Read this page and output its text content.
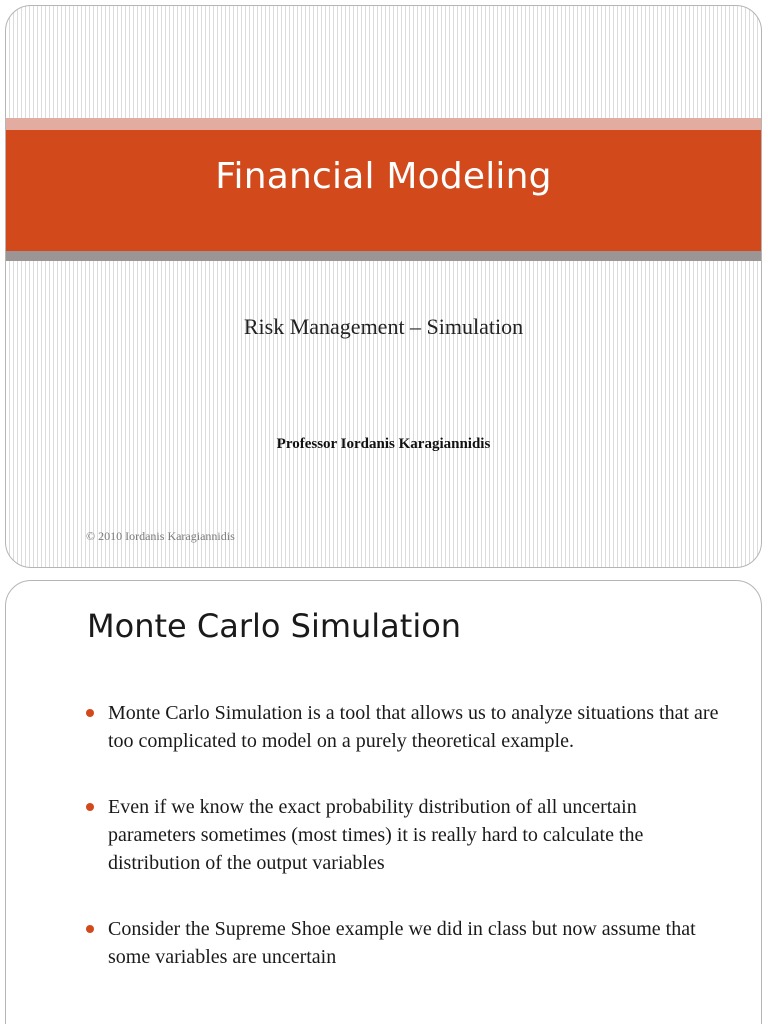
Financial Modeling
Risk Management – Simulation
Professor Iordanis Karagiannidis
© 2010 Iordanis Karagiannidis
Monte Carlo Simulation
Monte Carlo Simulation is a tool that allows us to analyze situations that are too complicated to model on a purely theoretical example.
Even if we know the exact probability distribution of all uncertain parameters sometimes (most times) it is really hard to calculate the distribution of the output variables
Consider the Supreme Shoe example we did in class but now assume that some variables are uncertain
